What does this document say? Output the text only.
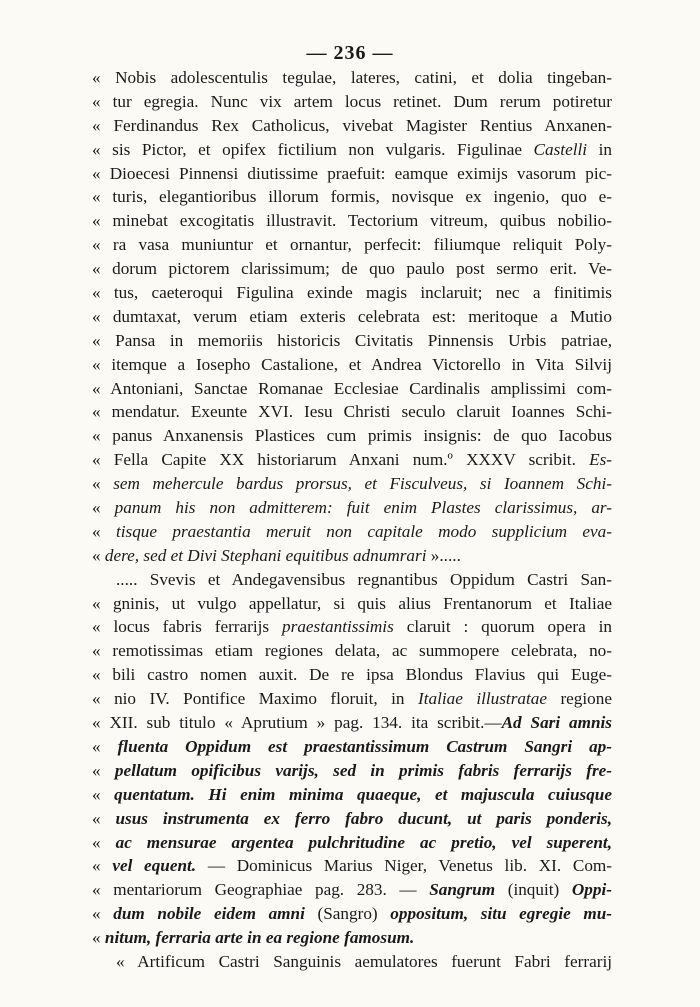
— 236 —
« Nobis adolescentulis tegulae, lateres, catini, et dolia tingeban-
« tur egregia. Nunc vix artem locus retinet. Dum rerum potiretur
« Ferdinandus Rex Catholicus, vivebat Magister Rentius Anxanen-
« sis Pictor, et opifex fictilium non vulgaris. Figulinae Castelli in
« Dioecesi Pinnensi diutissime praefuit: eamque eximijs vasorum pic-
« turis, elegantioribus illorum formis, novisque ex ingenio, quo e-
« minebat excogitatis illustravit. Tectorium vitreum, quibus nobilio-
« ra vasa muniuntur et ornantur, perfecit: filiumque reliquit Poly-
« dorum pictorem clarissimum; de quo paulo post sermo erit. Ve-
« tus, caeteroqui Figulina exinde magis inclaruit; nec a finitimis
« dumtaxat, verum etiam exteris celebrata est: meritoque a Mutio
« Pansa in memoriis historicis Civitatis Pinnensis Urbis patriae,
« itemque a Iosepho Castalione, et Andrea Victorello in Vita Silvij
« Antoniani, Sanctae Romanae Ecclesiae Cardinalis amplissimi com-
« mendatur. Exeunte XVI. Iesu Christi seculo claruit Ioannes Schi-
« panus Anxanensis Plastices cum primis insignis: de quo Iacobus
« Fella Capite XX historiarum Anxani num.º XXXV scribit. Es-
« sem mehercule bardus prorsus, et Fisculveus, si Ioannem Schi-
« panum his non admitterem: fuit enim Plastes clarissimus, ar-
« tisque praestantia meruit non capitale modo supplicium eva-
« dere, sed et Divi Stephani equitibus adnumrari ».....
..... Svevis et Andegavensibus regnantibus Oppidum Castri San-
« gninis, ut vulgo appellatur, si quis alius Frentanorum et Italiae
« locus fabris ferrarijs praestantissimis claruit : quorum opera in
« remotissimas etiam regiones delata, ac summopere celebrata, no-
« bili castro nomen auxit. De re ipsa Blondus Flavius qui Euge-
« nio IV. Pontifice Maximo floruit, in Italiae illustratae regione
« XII. sub titulo « Aprutium » pag. 134. ita scribit.—Ad Sari amnis
« fluenta Oppidum est praestantissimum Castrum Sangri ap-
« pellatum opificibus varijs, sed in primis fabris ferrarijs fre-
« quentatum. Hi enim minima quaeque, et majuscula cuiusque
« usus instrumenta ex ferro fabro ducunt, ut paris ponderis,
« ac mensurae argentea pulchritudine ac pretio, vel superent,
« vel equent. — Dominicus Marius Niger, Venetus lib. XI. Com-
« mentariorum Geographiae pag. 283. — Sangrum (inquit) Oppi-
« dum nobile eidem amni (Sangro) oppositum, situ egregie mu-
« nitum, ferraria arte in ea regione famosum.
« Artificum Castri Sanguinis aemulatores fuerunt Fabri ferrarij
